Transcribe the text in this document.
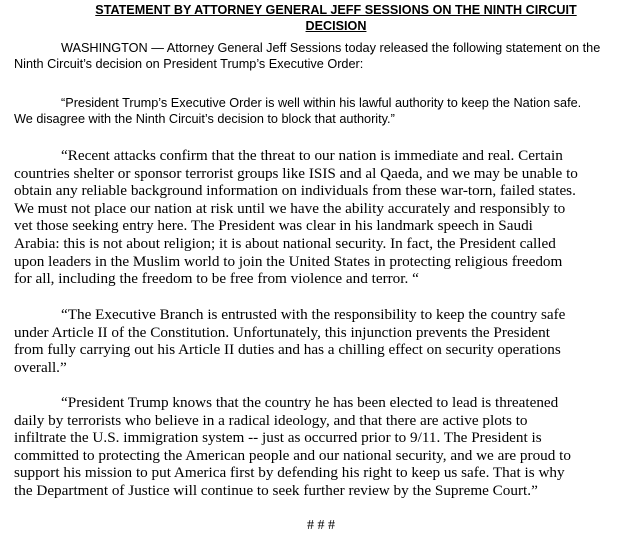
STATEMENT BY ATTORNEY GENERAL JEFF SESSIONS ON THE NINTH CIRCUIT
DECISION

WASHINGTON — Attorney General Jeff Sessions today released the following statement on the
Ninth Circuit’s decision on President Trump’s Executive Order:

“President Trump’s Executive Order is well within his lawful authority to keep the Nation safe.
We disagree with the Ninth Circuit’s decision to block that authority.”

“Recent attacks confirm that the threat to our nation is immediate and real. Certain
countries shelter or sponsor terrorist groups like ISIS and al Qaeda, and we may be unable to
obtain any reliable background information on individuals from these war-torn, failed states.
We must not place our nation at risk until we have the ability accurately and responsibly to
vet those seeking entry here. The President was clear in his landmark speech in Saudi
Arabia: this is not about religion; it is about national security. In fact, the President called
upon leaders in the Muslim world to join the United States in protecting religious freedom
for all, including the freedom to be free from violence and terror. “

“The Executive Branch is entrusted with the responsibility to keep the country safe
under Article II of the Constitution. Unfortunately, this injunction prevents the President
from fully carrying out his Article II duties and has a chilling effect on security operations
overall.”

“President Trump knows that the country he has been elected to lead is threatened
daily by terrorists who believe in a radical ideology, and that there are active plots to
infiltrate the U.S. immigration system -- just as occurred prior to 9/11. The President is
committed to protecting the American people and our national security, and we are proud to
support his mission to put America first by defending his right to keep us safe. That is why
the Department of Justice will continue to seek further review by the Supreme Court.”

# # #
